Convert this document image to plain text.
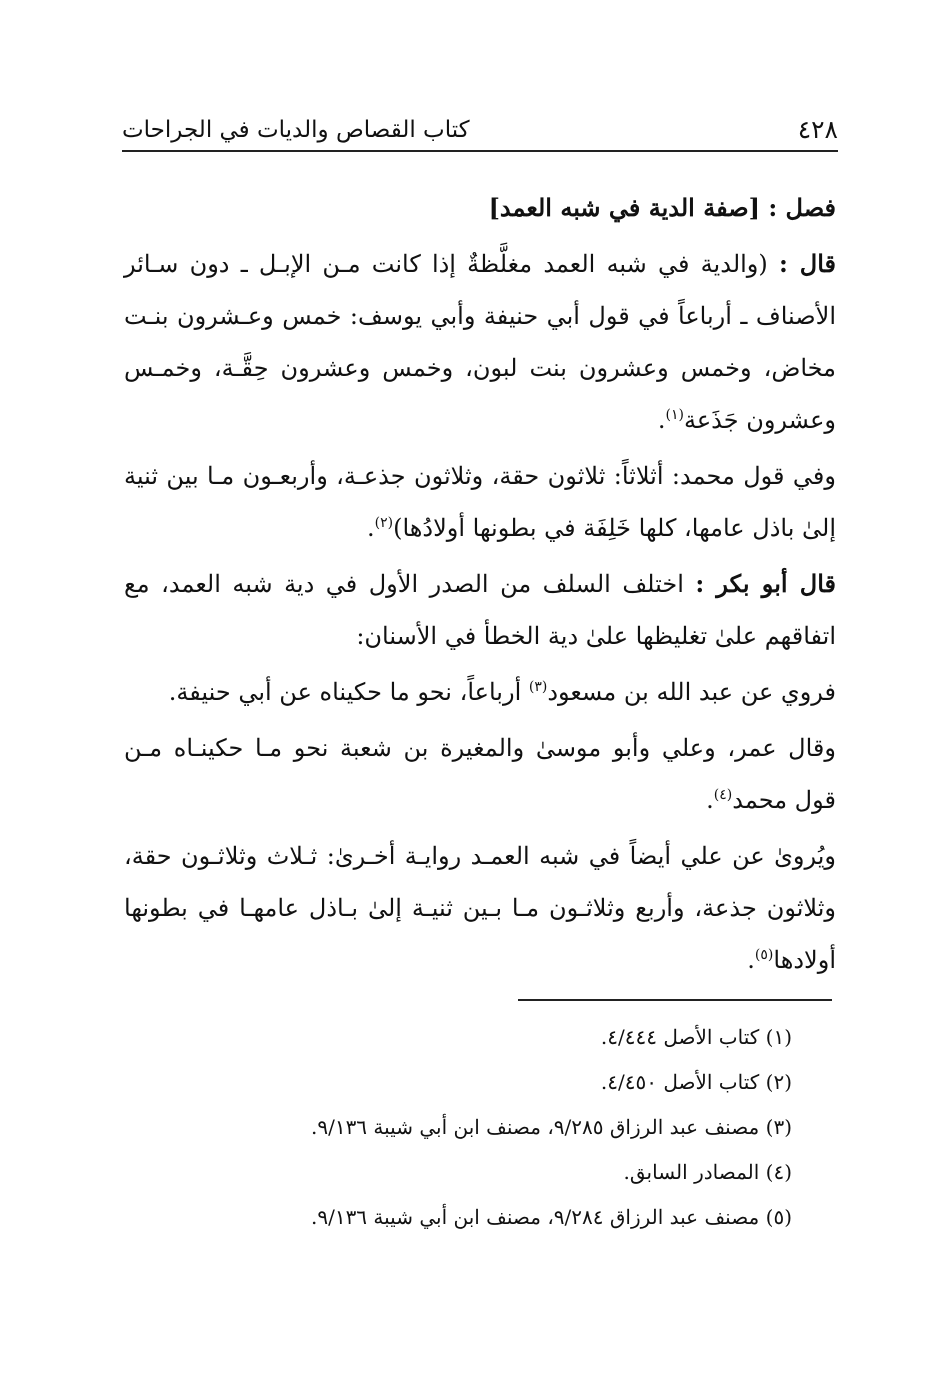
٤٢٨
كتاب القصاص والديات في الجراحات

فصل : [صفة الدية في شبه العمد]

قال : (والدية في شبه العمد مغلَّظةٌ إذا كانت مـن الإبـل ـ دون سـائر الأصناف ـ أرباعاً في قول أبي حنيفة وأبي يوسف: خمس وعـشرون بنـت مخاض، وخمس وعشرون بنت لبون، وخمس وعشرون حِقَّـة، وخمـس وعشرون جَذَعة$^{(١)}$.

وفي قول محمد: أثلاثاً: ثلاثون حقة، وثلاثون جذعـة، وأربعـون مـا بين ثنية إلىٰ باذل عامها، كلها خَلِفَة في بطونها أولادُها)$^{(٢)}$.

قال أبو بكر : اختلف السلف من الصدر الأول في دية شبه العمد، مع اتفاقهم علىٰ تغليظها علىٰ دية الخطأ في الأسنان:

فروي عن عبد الله بن مسعود$^{(٣)}$ أرباعاً، نحو ما حكيناه عن أبي حنيفة.

وقال عمر، وعلي وأبو موسىٰ والمغيرة بن شعبة نحو مـا حكينـاه مـن قول محمد$^{(٤)}$.

ويُروىٰ عن علي أيضاً في شبه العمـد روايـة أخـرىٰ: ثـلاث وثلاثـون حقة، وثلاثون جذعة، وأربع وثلاثـون مـا بـين ثنيـة إلىٰ بـاذل عامهـا في بطونها أولادها$^{(٥)}$.

(١) كتاب الأصل ٤/٤٤٤.
(٢) كتاب الأصل ٤/٤٥٠.
(٣) مصنف عبد الرزاق ٩/٢٨٥، مصنف ابن أبي شيبة ٩/١٣٦.
(٤) المصادر السابق.
(٥) مصنف عبد الرزاق ٩/٢٨٤، مصنف ابن أبي شيبة ٩/١٣٦.
